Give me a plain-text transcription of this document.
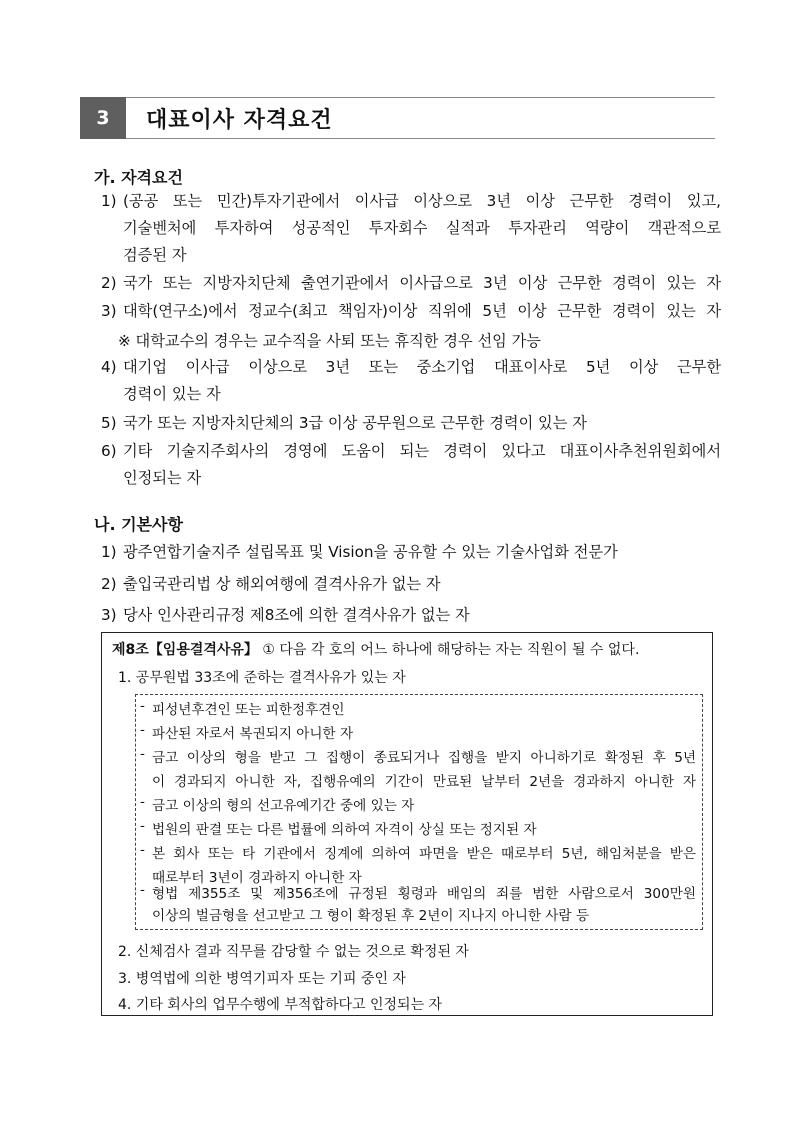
3	대표이사 자격요건
가. 자격요건
1) (공공 또는 민간)투자기관에서 이사급 이상으로 3년 이상 근무한 경력이 있고,
기술벤처에 투자하여 성공적인 투자회수 실적과 투자관리 역량이 객관적으로
검증된 자
2) 국가 또는 지방자치단체 출연기관에서 이사급으로 3년 이상 근무한 경력이 있는 자
3) 대학(연구소)에서 정교수(최고 책임자)이상 직위에 5년 이상 근무한 경력이 있는 자
※ 대학교수의 경우는 교수직을 사퇴 또는 휴직한 경우 선임 가능
4) 대기업 이사급 이상으로 3년 또는 중소기업 대표이사로 5년 이상 근무한
경력이 있는 자
5) 국가 또는 지방자치단체의 3급 이상 공무원으로 근무한 경력이 있는 자
6) 기타 기술지주회사의 경영에 도움이 되는 경력이 있다고 대표이사추천위원회에서
인정되는 자
나. 기본사항
1) 광주연합기술지주 설립목표 및 Vision을 공유할 수 있는 기술사업화 전문가
2) 출입국관리법 상 해외여행에 결격사유가 없는 자
3) 당사 인사관리규정 제8조에 의한 결격사유가 없는 자
제8조【임용결격사유】 ① 다음 각 호의 어느 하나에 해당하는 자는 직원이 될 수 없다.
1. 공무원법 33조에 준하는 결격사유가 있는 자
- 피성년후견인 또는 피한정후견인
- 파산된 자로서 복권되지 아니한 자
- 금고 이상의 형을 받고 그 집행이 종료되거나 집행을 받지 아니하기로 확정된 후 5년
이 경과되지 아니한 자, 집행유예의 기간이 만료된 날부터 2년을 경과하지 아니한 자
- 금고 이상의 형의 선고유예기간 중에 있는 자
- 법원의 판결 또는 다른 법률에 의하여 자격이 상실 또는 정지된 자
- 본 회사 또는 타 기관에서 징계에 의하여 파면을 받은 때로부터 5년, 해임처분을 받은
때로부터 3년이 경과하지 아니한 자
- 형법 제355조 및 제356조에 규정된 횡령과 배임의 죄를 범한 사람으로서 300만원
이상의 벌금형을 선고받고 그 형이 확정된 후 2년이 지나지 아니한 사람 등
2. 신체검사 결과 직무를 감당할 수 없는 것으로 확정된 자
3. 병역법에 의한 병역기피자 또는 기피 중인 자
4. 기타 회사의 업무수행에 부적합하다고 인정되는 자
